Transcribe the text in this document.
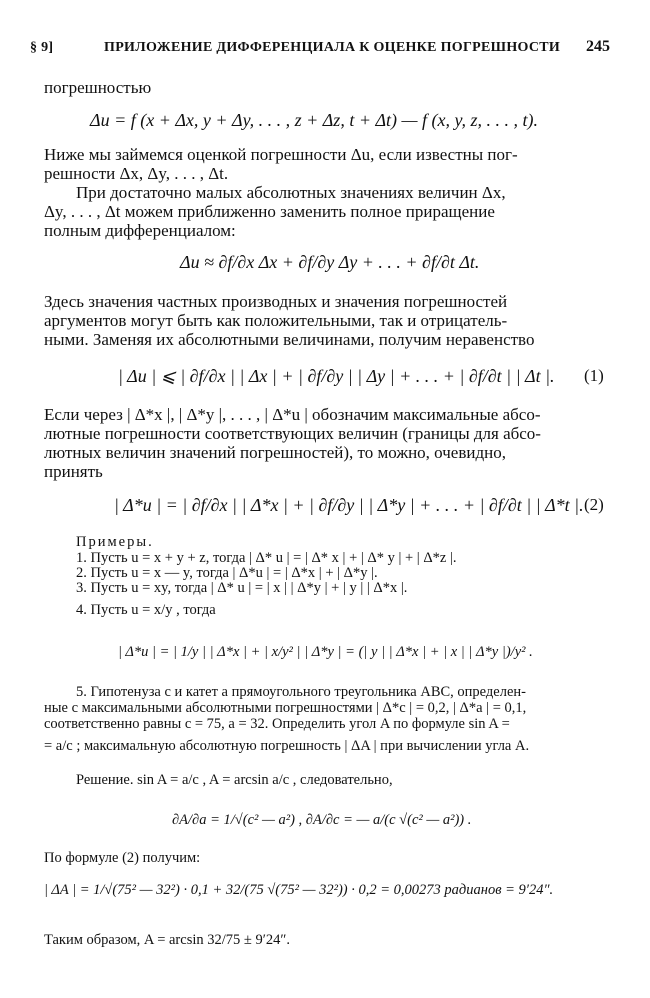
§ 9]	ПРИЛОЖЕНИЕ ДИФФЕРЕНЦИАЛА К ОЦЕНКЕ ПОГРЕШНОСТИ 245
погрешностью
Δu = f (x + Δx, y + Δy, . . . , z + Δz, t + Δt) — f (x, y, z, . . . , t).
Ниже мы займемся оценкой погрешности Δu, если известны пог-
решности Δx, Δy, . . . , Δt.
При достаточно малых абсолютных значениях величин Δx,
Δy, . . . , Δt можем приближенно заменить полное приращение
полным дифференциалом:
Δu ≈ ∂f/∂x Δx + ∂f/∂y Δy + . . . + ∂f/∂t Δt.
Здесь значения частных производных и значения погрешностей
аргументов могут быть как положительными, так и отрицатель-
ными. Заменяя их абсолютными величинами, получим неравенство
| Δu | ⩽ | ∂f/∂x | | Δx | + | ∂f/∂y | | Δy | + . . . + | ∂f/∂t | | Δt |. (1)
Если через | Δ*x |, | Δ*y |, . . . , | Δ*u | обозначим максимальные абсо-
лютные погрешности соответствующих величин (границы для абсо-
лютных величин значений погрешностей), то можно, очевидно,
принять
| Δ*u | = | ∂f/∂x | | Δ*x | + | ∂f/∂y | | Δ*y | + . . . + | ∂f/∂t | | Δ*t |. (2)
Примеры.
1. Пусть u = x + y + z, тогда | Δ* u | = | Δ* x | + | Δ* y | + | Δ*z |.
2. Пусть u = x — y, тогда | Δ*u | = | Δ*x | + | Δ*y |.
3. Пусть u = xy, тогда | Δ* u | = | x | | Δ*y | + | y | | Δ*x |.
4. Пусть u = x/y , тогда
| Δ*u | = | 1/y | | Δ*x | + | x/y² | | Δ*y | = (| y | | Δ*x | + | x | | Δ*y |)/y² .
5. Гипотенуза c и катет a прямоугольного треугольника ABC, определен-
ные с максимальными абсолютными погрешностями | Δ*c | = 0,2, | Δ*a | = 0,1,
соответственно равны c = 75, a = 32. Определить угол A по формуле sin A =
= a/c ; максимальную абсолютную погрешность | ΔA | при вычислении угла A.
Решение. sin A = a/c , A = arcsin a/c , следовательно,
∂A/∂a = 1/√(c² — a²) , ∂A/∂c = — a/(c √(c² — a²)) .
По формуле (2) получим:
| ΔA | = 1/√(75² — 32²) · 0,1 + 32/(75 √(75² — 32²)) · 0,2 = 0,00273 радианов = 9′24″.
Таким образом, A = arcsin 32/75 ± 9′24″.
